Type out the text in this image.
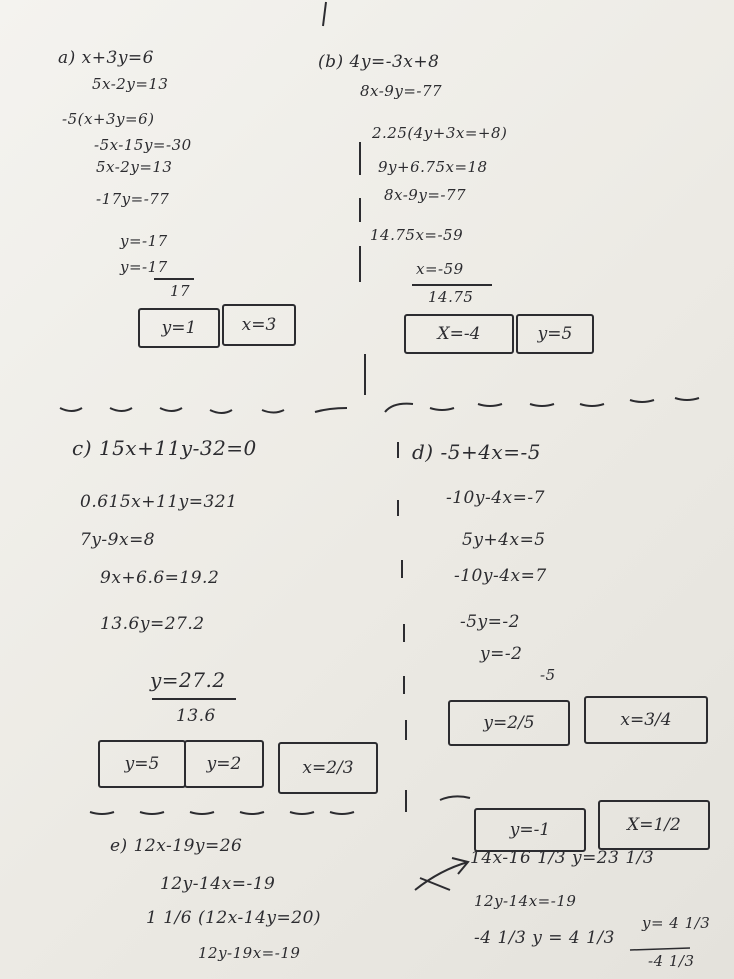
a) x+3y=6
5x-2y=13
-5(x+3y=6)
-5x-15y=-30
5x-2y=13
-17y=-77
y=-17
y=-17
17
y=1	x=3
(b) 4y=-3x+8
8x-9y=-77
2.25(4y+3x=+8)
9y+6.75x=18
8x-9y=-77
14.75x=-59
x=-59
14.75
X=-4	y=5
c) 15x+11y-32=0
0.615x+11y=321
7y-9x=8
9x+6.6=19.2
13.6y=27.2
y=27.2
13.6
y=5	y=2	x=2/3
d) -5+4x=-5
-10y-4x=-7
5y+4x=5
-10y-4x=7
-5y=-2
y=-2
-5
y=2/5	x=3/4
y=-1	X=1/2
e) 12x-19y=26
12y-14x=-19
1 1/6 (12x-14y=20)
12y-19x=-19
14x-16 1/3 y=23 1/3
12y-14x=-19
-4 1/3 y = 4 1/3
y= 4 1/3
-4 1/3
